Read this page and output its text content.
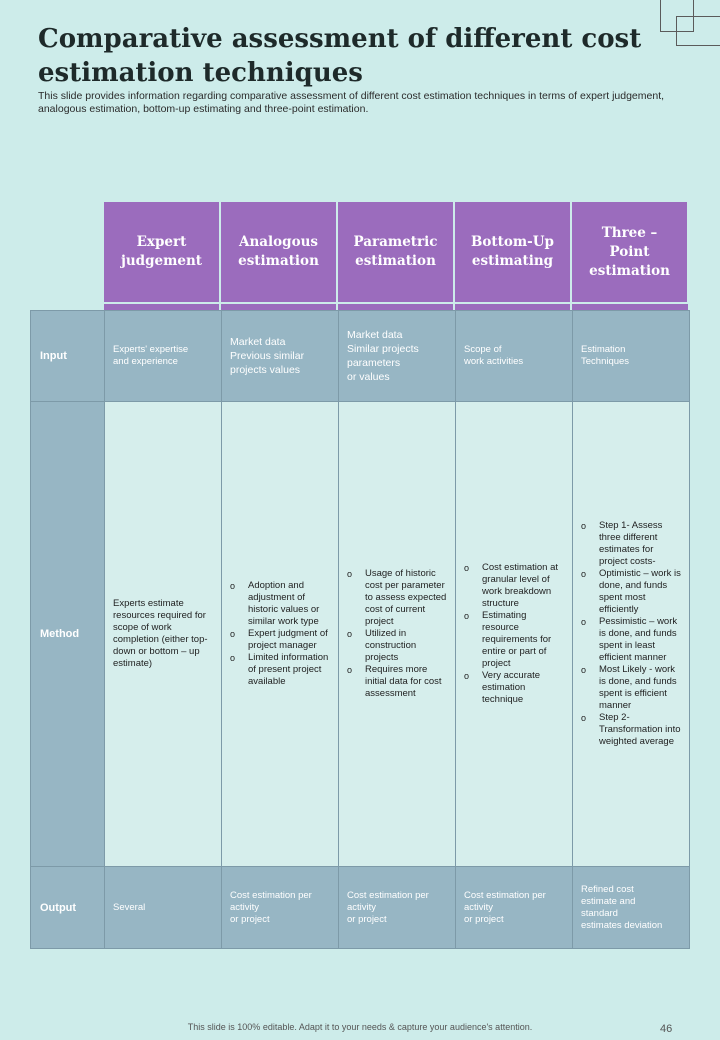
Comparative assessment of different cost estimation techniques

This slide provides information regarding comparative assessment of different cost estimation techniques in terms of expert judgement, analogous estimation, bottom-up estimating and three-point estimation.

Expert judgement
Analogous estimation
Parametric estimation
Bottom-Up estimating
Three – Point estimation
Input
Experts' expertise
and experience
Market data
Previous similar
projects values
Market data
Similar projects
parameters
or values
Scope of
work activities
Estimation
Techniques
Method
Experts estimate resources required for scope of work completion (either top- down or bottom – up estimate)
o Adoption and adjustment of historic values or similar work type
o Expert judgment of project manager
o Limited information of present project available
o Usage of historic cost per parameter to assess expected cost of current project
o Utilized in construction projects
o Requires more initial data for cost assessment
o Cost estimation at granular level of work breakdown structure
o Estimating resource requirements for entire or part of project
o Very accurate estimation technique
o Step 1- Assess three different estimates for project costs-
o Optimistic – work is done, and funds spent most efficiently
o Pessimistic – work is done, and funds spent in least efficient manner
o Most Likely - work is done, and funds spent is efficient manner
o Step 2- Transformation into weighted average
Output	Several
Cost estimation per
activity
or project
Cost estimation per
activity
or project
Cost estimation per
activity
or project
Refined cost
estimate and
standard
estimates deviation
This slide is 100% editable. Adapt it to your needs & capture your audience's attention.	46
